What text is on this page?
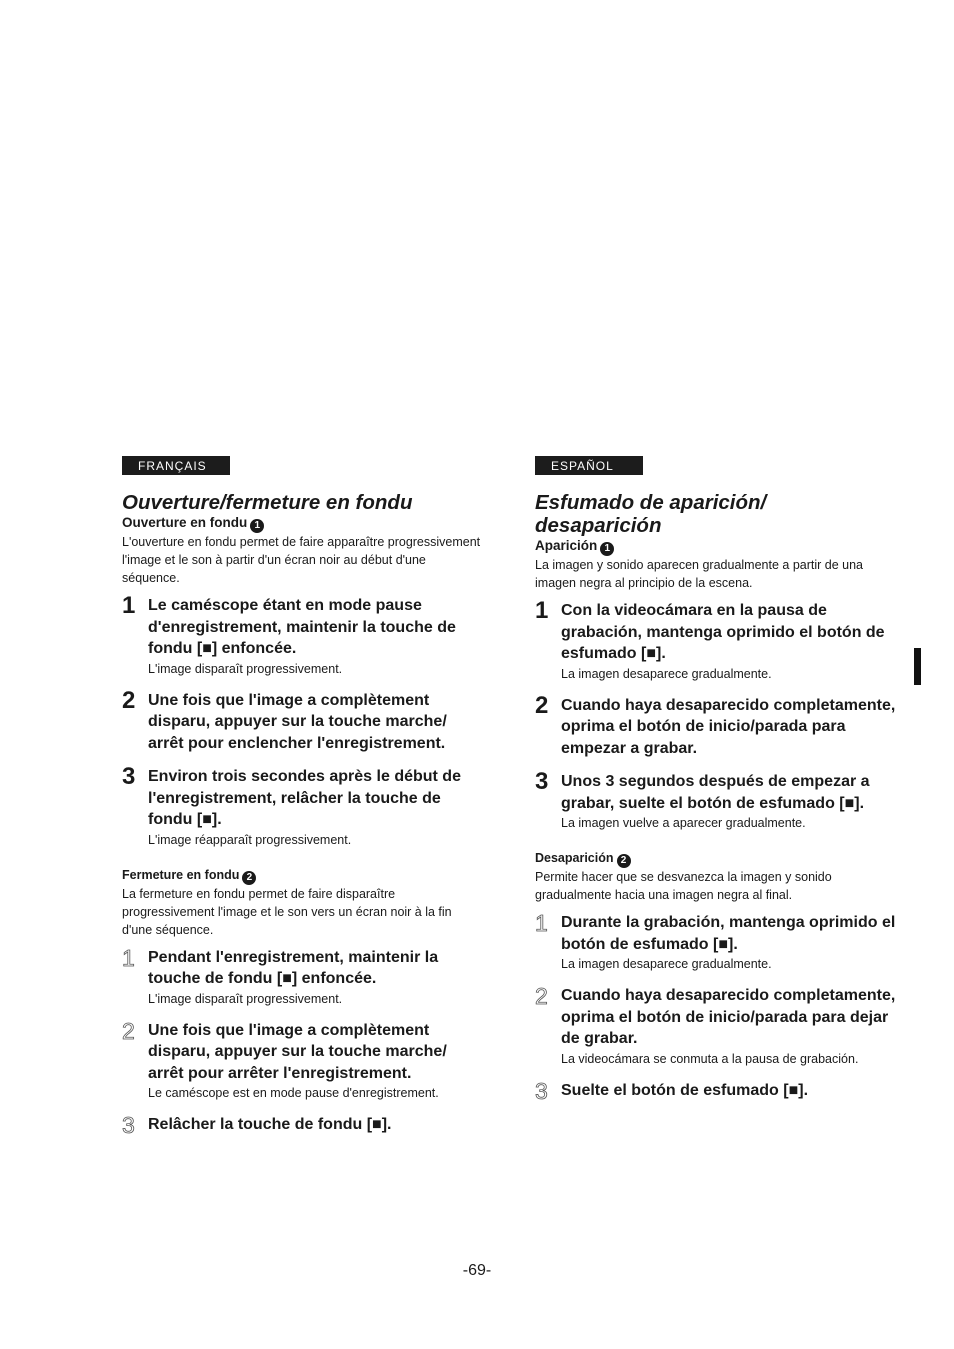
FRANÇAIS
Ouverture/fermeture en fondu

Ouverture en fondu 1

L'ouverture en fondu permet de faire apparaître progressivement l'image et le son à partir d'un écran noir au début d'une séquence.

1 Le caméscope étant en mode pause d'enregistrement, maintenir la touche de fondu [■] enfoncée.

L'image disparaît progressivement.

2 Une fois que l'image a complètement disparu, appuyer sur la touche marche/ arrêt pour enclencher l'enregistrement.

3 Environ trois secondes après le début de l'enregistrement, relâcher la touche de fondu [■].

L'image réapparaît progressivement.

Fermeture en fondu 2

La fermeture en fondu permet de faire disparaître progressivement l'image et le son vers un écran noir à la fin d'une séquence.

1 Pendant l'enregistrement, maintenir la touche de fondu [■] enfoncée.

L'image disparaît progressivement.

2 Une fois que l'image a complètement disparu, appuyer sur la touche marche/ arrêt pour arrêter l'enregistrement.

Le caméscope est en mode pause d'enregistrement.

3 Relâcher la touche de fondu [■].

ESPAÑOL
Esfumado de aparición/ desaparición

Aparición 1

La imagen y sonido aparecen gradualmente a partir de una imagen negra al principio de la escena.

1 Con la videocámara en la pausa de grabación, mantenga oprimido el botón de esfumado [■].

La imagen desaparece gradualmente.

2 Cuando haya desaparecido completamente, oprima el botón de inicio/parada para empezar a grabar.

3 Unos 3 segundos después de empezar a grabar, suelte el botón de esfumado [■].

La imagen vuelve a aparecer gradualmente.

Desaparición 2

Permite hacer que se desvanezca la imagen y sonido gradualmente hacia una imagen negra al final.

1 Durante la grabación, mantenga oprimido el botón de esfumado [■].

La imagen desaparece gradualmente.

2 Cuando haya desaparecido completamente, oprima el botón de inicio/parada para dejar de grabar.

La videocámara se conmuta a la pausa de grabación.

3 Suelte el botón de esfumado [■].

-69-
